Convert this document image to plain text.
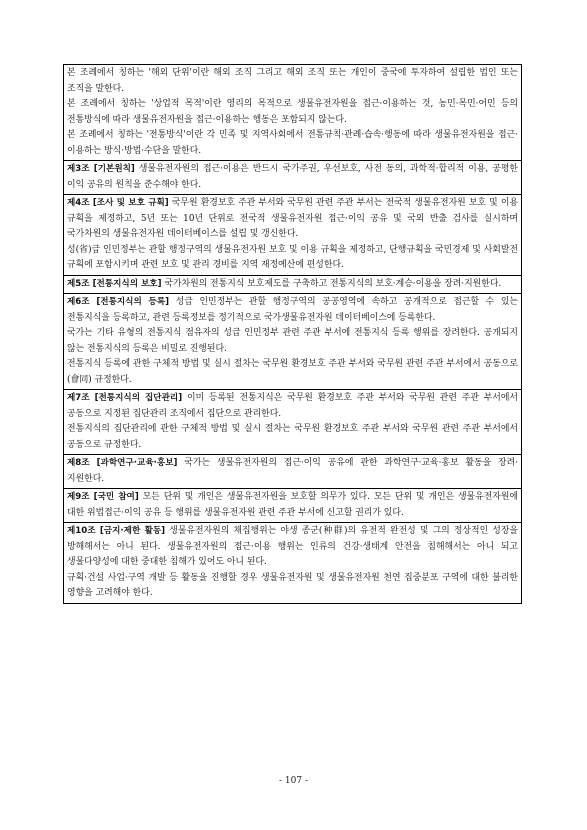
본 조례에서 칭하는 '해외 단위'이란 해외 조직 그리고 해외 조직 또는 개인이 중국에 투자하여 설립한 법인 또는 조직을 말한다.
본 조례에서 칭하는 '상업적 목적'이란 영리의 목적으로 생물유전자원을 접근·이용하는 것, 농민·목민·어민 등의 전통방식에 따라 생물유전자원을 접근·이용하는 행동은 포함되지 않는다.
본 조례에서 칭하는 '전통방식'이란 각 민족 및 지역사회에서 전통규칙·관례·습속·행동에 따라 생물유전자원을 접근·이용하는 방식·방법·수단을 말한다.

제3조 [기본원칙] 생물유전자원의 접근·이용은 반드시 국가주권, 우선보호, 사전 동의, 과학적·합리적 이용, 공평한 이익 공유의 원칙을 준수해야 한다.

제4조 [조사 및 보호 규획] 국무원 환경보호 주관 부서와 국무원 관련 주관 부서는 전국적 생물유전자원 보호 및 이용 규획을 제정하고, 5년 또는 10년 단위로 전국적 생물유전자원 접근·이익 공유 및 국외 반출 검사를 실시하며 국가차원의 생물유전자원 데이터베이스를 설립 및 갱신한다.
성(省)급 인민정부는 관할 행정구역의 생물유전자원 보호 및 이용 규획을 제정하고, 단행규획을 국민경제 및 사회발전 규획에 포함시키며 관련 보호 및 관리 경비를 지역 재정예산에 편성한다.

제5조 [전통지식의 보호] 국가차원의 전통지식 보호제도를 구축하고 전통지식의 보호·계승·이용을 장려·지원한다.

제6조 [전통지식의 등록] 성급 인민정부는 관할 행정구역의 공공영역에 속하고 공개적으로 접근할 수 있는 전통지식을 등록하고, 관련 등록정보를 정기적으로 국가생물유전자원 데이터베이스에 등록한다.
국가는 기타 유형의 전통지식 점유자의 성급 인민정부 관련 주관 부서에 전통지식 등록 행위를 장려한다. 공개되지 않는 전통지식의 등록은 비밀로 진행된다.
전통지식 등록에 관한 구체적 방법 및 실시 절차는 국무원 환경보호 주관 부서와 국무원 관련 주관 부서에서 공동으로(會同) 규정한다.

제7조 [전통지식의 집단관리] 이미 등록된 전통지식은 국무원 환경보호 주관 부서와 국무원 관련 주관 부서에서 공동으로 지정된 집단관리 조직에서 집단으로 관리한다.
전통지식의 집단관리에 관한 구체적 방법 및 실시 절차는 국무원 환경보호 주관 부서와 국무원 관련 주관 부서에서 공동으로 규정한다.

제8조 [과학연구·교육·홍보] 국가는 생물유전자원의 접근·이익 공유에 관한 과학연구·교육·홍보 활동을 장려·지원한다.

제9조 [국민 참여] 모든 단위 및 개인은 생물유전자원을 보호할 의무가 있다. 모든 단위 및 개인은 생물유전자원에 대한 위법접근·이익 공유 등 행위를 생물유전자원 관련 주관 부서에 신고할 권리가 있다.

제10조 [금지·제한 활동] 생물유전자원의 채집행위는 야생 종군(种群)의 유전적 완전성 및 그의 정상적인 성장을 방해해서는 아니 된다. 생물유전자원의 접근·이용 행위는 인류의 건강·생태계 안전을 침해해서는 아니 되고 생물다양성에 대한 중대한 침해가 있어도 아니 된다.
규획·건설 사업·구역 개발 등 활동을 진행할 경우 생물유전자원 및 생물유전자원 천연 집중분포 구역에 대한 불리한 영향을 고려해야 한다.
- 107 -
